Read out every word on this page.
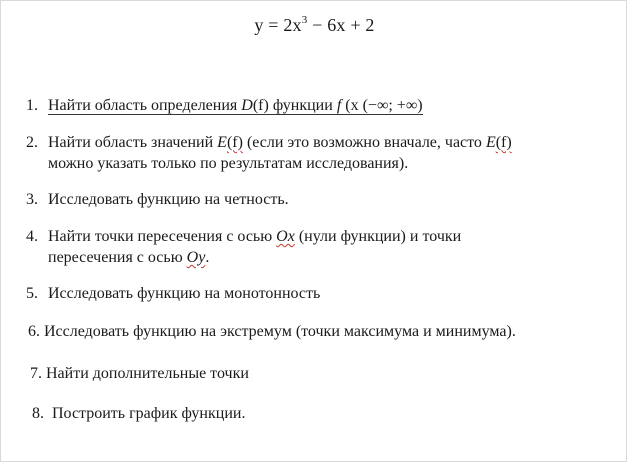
$y = 2x^3 - 6x + 2$
1. Найти область определения D(f) функции f (x (−∞; +∞)
2. Найти область значений E(f) (если это возможно вначале, часто E(f)
можно указать только по результатам исследования).
3. Исследовать функцию на четность.
4. Найти точки пересечения с осью Ox (нули функции) и точки
пересечения с осью Oy.
5. Исследовать функцию на монотонность
6. Исследовать функцию на экстремум (точки максимума и минимума).
7. Найти дополнительные точки
8. Построить график функции.
